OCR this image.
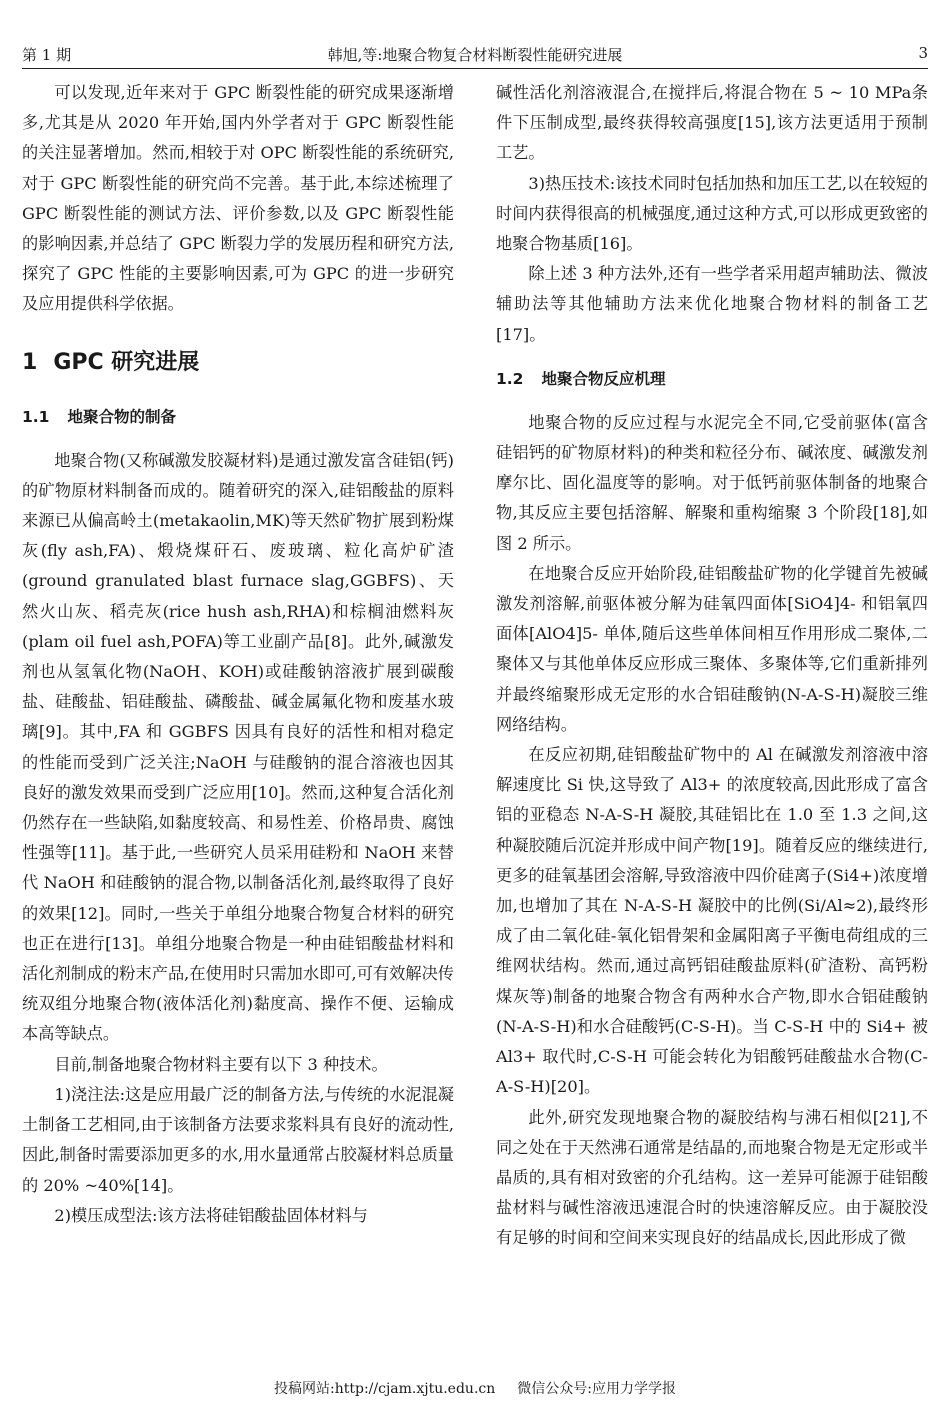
第 1 期	韩旭,等:地聚合物复合材料断裂性能研究进展	3

可以发现,近年来对于 GPC 断裂性能的研究成果逐渐增多,尤其是从 2020 年开始,国内外学者对于 GPC 断裂性能的关注显著增加。然而,相较于对 OPC 断裂性能的系统研究,对于 GPC 断裂性能的研究尚不完善。基于此,本综述梳理了 GPC 断裂性能的测试方法、评价参数,以及 GPC 断裂性能的影响因素,并总结了 GPC 断裂力学的发展历程和研究方法,探究了 GPC 性能的主要影响因素,可为 GPC 的进一步研究及应用提供科学依据。

1 GPC 研究进展
1.1 地聚合物的制备

地聚合物(又称碱激发胶凝材料)是通过激发富含硅铝(钙)的矿物原材料制备而成的。随着研究的深入,硅铝酸盐的原料来源已从偏高岭土(metakaolin,MK)等天然矿物扩展到粉煤灰(fly ash,FA)、煅烧煤矸石、废玻璃、粒化高炉矿渣(ground granulated blast furnace slag,GGBFS)、天然火山灰、稻壳灰(rice hush ash,RHA)和棕榈油燃料灰(plam oil fuel ash,POFA)等工业副产品[8]。此外,碱激发剂也从氢氧化物(NaOH、KOH)或硅酸钠溶液扩展到碳酸盐、硅酸盐、铝硅酸盐、磷酸盐、碱金属氟化物和废基水玻璃[9]。其中,FA 和 GGBFS 因具有良好的活性和相对稳定的性能而受到广泛关注;NaOH 与硅酸钠的混合溶液也因其良好的激发效果而受到广泛应用[10]。然而,这种复合活化剂仍然存在一些缺陷,如黏度较高、和易性差、价格昂贵、腐蚀性强等[11]。基于此,一些研究人员采用硅粉和 NaOH 来替代 NaOH 和硅酸钠的混合物,以制备活化剂,最终取得了良好的效果[12]。同时,一些关于单组分地聚合物复合材料的研究也正在进行[13]。单组分地聚合物是一种由硅铝酸盐材料和活化剂制成的粉末产品,在使用时只需加水即可,可有效解决传统双组分地聚合物(液体活化剂)黏度高、操作不便、运输成本高等缺点。

目前,制备地聚合物材料主要有以下 3 种技术。

1)浇注法:这是应用最广泛的制备方法,与传统的水泥混凝土制备工艺相同,由于该制备方法要求浆料具有良好的流动性,因此,制备时需要添加更多的水,用水量通常占胶凝材料总质量的 20% ~40%[14]。

2)模压成型法:该方法将硅铝酸盐固体材料与

碱性活化剂溶液混合,在搅拌后,将混合物在 5 ~ 10 MPa条件下压制成型,最终获得较高强度[15],该方法更适用于预制工艺。

3)热压技术:该技术同时包括加热和加压工艺,以在较短的时间内获得很高的机械强度,通过这种方式,可以形成更致密的地聚合物基质[16]。

除上述 3 种方法外,还有一些学者采用超声辅助法、微波辅助法等其他辅助方法来优化地聚合物材料的制备工艺[17]。

1.2 地聚合物反应机理

地聚合物的反应过程与水泥完全不同,它受前驱体(富含硅铝钙的矿物原材料)的种类和粒径分布、碱浓度、碱激发剂摩尔比、固化温度等的影响。对于低钙前驱体制备的地聚合物,其反应主要包括溶解、解聚和重构缩聚 3 个阶段[18],如图 2 所示。

在地聚合反应开始阶段,硅铝酸盐矿物的化学键首先被碱激发剂溶解,前驱体被分解为硅氧四面体[SiO4]4- 和铝氧四面体[AlO4]5- 单体,随后这些单体间相互作用形成二聚体,二聚体又与其他单体反应形成三聚体、多聚体等,它们重新排列并最终缩聚形成无定形的水合铝硅酸钠(N-A-S-H)凝胶三维网络结构。

在反应初期,硅铝酸盐矿物中的 Al 在碱激发剂溶液中溶解速度比 Si 快,这导致了 Al3+ 的浓度较高,因此形成了富含铝的亚稳态 N-A-S-H 凝胶,其硅铝比在 1.0 至 1.3 之间,这种凝胶随后沉淀并形成中间产物[19]。随着反应的继续进行,更多的硅氧基团会溶解,导致溶液中四价硅离子(Si4+)浓度增加,也增加了其在 N-A-S-H 凝胶中的比例(Si/Al≈2),最终形成了由二氧化硅-氧化铝骨架和金属阳离子平衡电荷组成的三维网状结构。然而,通过高钙铝硅酸盐原料(矿渣粉、高钙粉煤灰等)制备的地聚合物含有两种水合产物,即水合铝硅酸钠(N-A-S-H)和水合硅酸钙(C-S-H)。当 C-S-H 中的 Si4+ 被 Al3+ 取代时,C-S-H 可能会转化为铝酸钙硅酸盐水合物(C-A-S-H)[20]。

此外,研究发现地聚合物的凝胶结构与沸石相似[21],不同之处在于天然沸石通常是结晶的,而地聚合物是无定形或半晶质的,具有相对致密的介孔结构。这一差异可能源于硅铝酸盐材料与碱性溶液迅速混合时的快速溶解反应。由于凝胶没有足够的时间和空间来实现良好的结晶成长,因此形成了微

投稿网站:http://cjam.xjtu.edu.cn 微信公众号:应用力学学报
